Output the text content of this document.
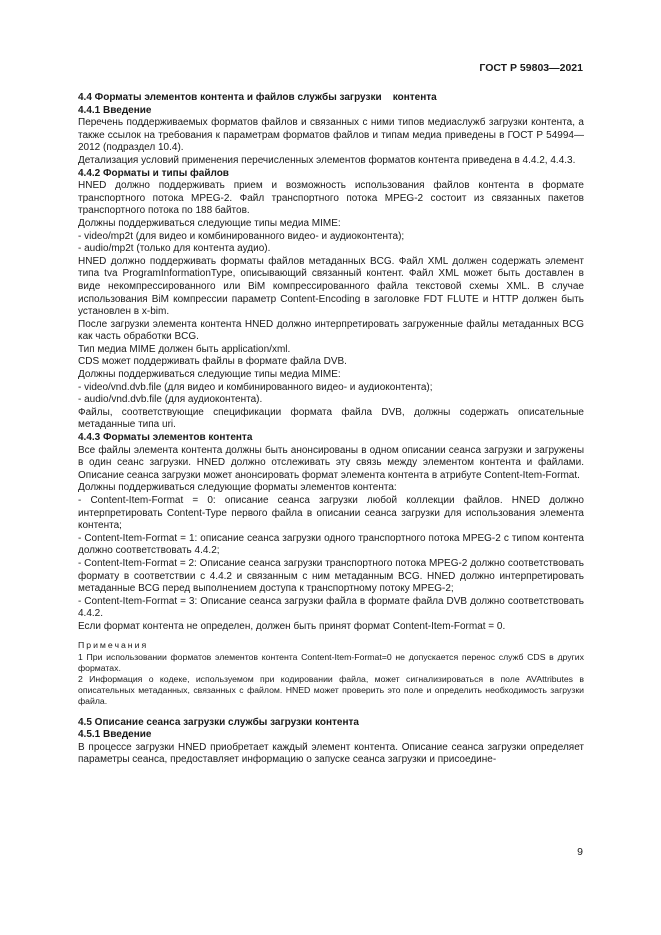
ГОСТ Р 59803—2021

4.4 Форматы элементов контента и файлов службы загрузки    контента

4.4.1 Введение

Перечень поддерживаемых форматов файлов и связанных с ними типов медиаслужб загрузки контента, а также ссылок на требования к параметрам форматов файлов и типам медиа приведены в ГОСТ Р 54994—2012 (подраздел 10.4).

Детализация условий применения перечисленных элементов форматов контента приведена в 4.4.2, 4.4.3.

4.4.2 Форматы и типы файлов

HNED должно поддерживать прием и возможность использования файлов контента в формате транспортного потока MPEG-2. Файл транспортного потока MPEG-2 состоит из связанных пакетов транспортного потока по 188 байтов.

Должны поддерживаться следующие типы медиа MIME:

- video/mp2t (для видео и комбинированного видео- и аудиоконтента);

- audio/mp2t (только для контента аудио).

HNED должно поддерживать форматы файлов метаданных BCG. Файл XML должен содержать элемент типа tva ProgramInformationType, описывающий связанный контент. Файл XML может быть доставлен в виде некомпрессированного или BiM компрессированного файла текстовой схемы XML. В случае использования BiM компрессии параметр Content-Encoding в заголовке FDT FLUTE и HTTP должен быть установлен в x-bim.

После загрузки элемента контента HNED должно интерпретировать загруженные файлы метаданных BCG как часть обработки BCG.

Тип медиа MIME должен быть application/xml.

CDS может поддерживать файлы в формате файла DVB.

Должны поддерживаться следующие типы медиа MIME:

- video/vnd.dvb.file (для видео и комбинированного видео- и аудиоконтента);

- audio/vnd.dvb.file (для аудиоконтента).

Файлы, соответствующие спецификации формата файла DVB, должны содержать описательные метаданные типа uri.

4.4.3 Форматы элементов контента

Все файлы элемента контента должны быть анонсированы в одном описании сеанса загрузки и загружены в один сеанс загрузки. HNED должно отслеживать эту связь между элементом контента и файлами. Описание сеанса загрузки может анонсировать формат элемента контента в атрибуте Content-Item-Format.

Должны поддерживаться следующие форматы элементов контента:

- Content-Item-Format = 0: описание сеанса загрузки любой коллекции файлов. HNED должно интерпретировать Content-Type первого файла в описании сеанса загрузки для использования элемента контента;

- Content-Item-Format = 1: описание сеанса загрузки одного транспортного потока MPEG-2 с типом контента должно соответствовать 4.4.2;

- Content-Item-Format = 2: Описание сеанса загрузки транспортного потока MPEG-2 должно соответствовать формату в соответствии с 4.4.2 и связанным с ним метаданным BCG. HNED должно интерпретировать метаданные BCG перед выполнением доступа к транспортному потоку MPEG-2;

- Content-Item-Format = 3: Описание сеанса загрузки файла в формате файла DVB должно соответствовать 4.4.2.

Если формат контента не определен, должен быть принят формат Content-Item-Format = 0.

Примечания

1 При использовании форматов элементов контента Content-Item-Format=0 не допускается перенос служб CDS в других форматах.

2 Информация о кодеке, используемом при кодировании файла, может сигнализироваться в поле AVAttributes в описательных метаданных, связанных с файлом. HNED может проверить это поле и определить необходимость загрузки файла.

4.5 Описание сеанса загрузки службы загрузки контента

4.5.1 Введение

В процессе загрузки HNED приобретает каждый элемент контента. Описание сеанса загрузки определяет параметры сеанса, предоставляет информацию о запуске сеанса загрузки и присоедине-

9
